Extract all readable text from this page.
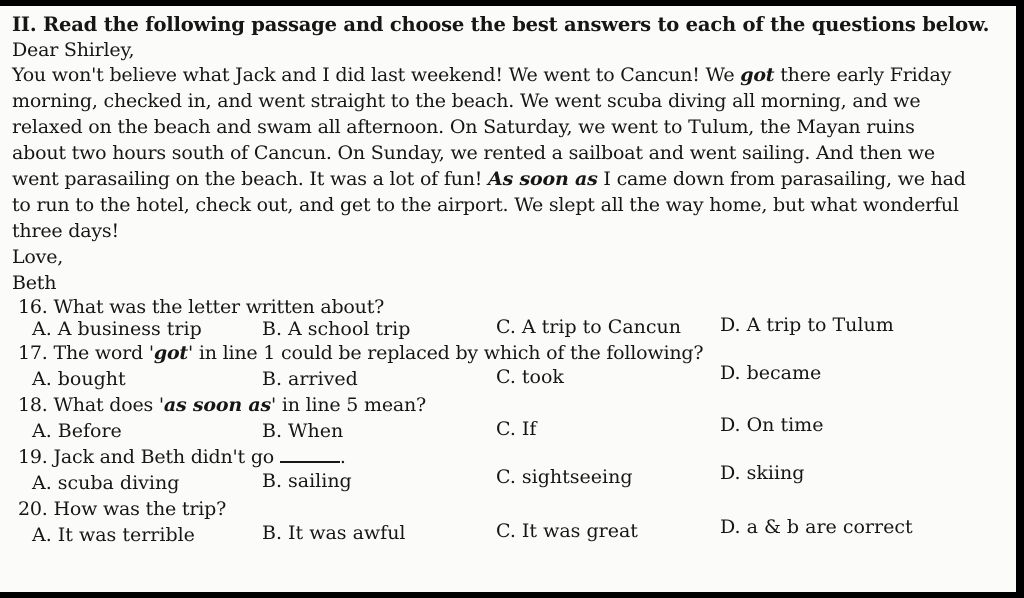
II. Read the following passage and choose the best answers to each of the questions below.
Dear Shirley,
You won't believe what Jack and I did last weekend! We went to Cancun! We got there early Friday
morning, checked in, and went straight to the beach. We went scuba diving all morning, and we
relaxed on the beach and swam all afternoon. On Saturday, we went to Tulum, the Mayan ruins
about two hours south of Cancun. On Sunday, we rented a sailboat and went sailing. And then we
went parasailing on the beach. It was a lot of fun! As soon as I came down from parasailing, we had
to run to the hotel, check out, and get to the airport. We slept all the way home, but what wonderful
three days!
Love,
Beth
16. What was the letter written about?
A. A business trip	B. A school trip	C. A trip to Cancun D. A trip to Tulum
17. The word 'got' in line 1 could be replaced by which of the following?
A. bought	B. arrived	C. took	D. became
18. What does 'as soon as' in line 5 mean?
A. Before	B. When	C. If	D. On time
19. Jack and Beth didn't go	.
A. scuba diving	B. sailing	C. sightseeing	D. skiing
20. How was the trip?
A. It was terrible	B. It was awful	C. It was great	D. a & b are correct
